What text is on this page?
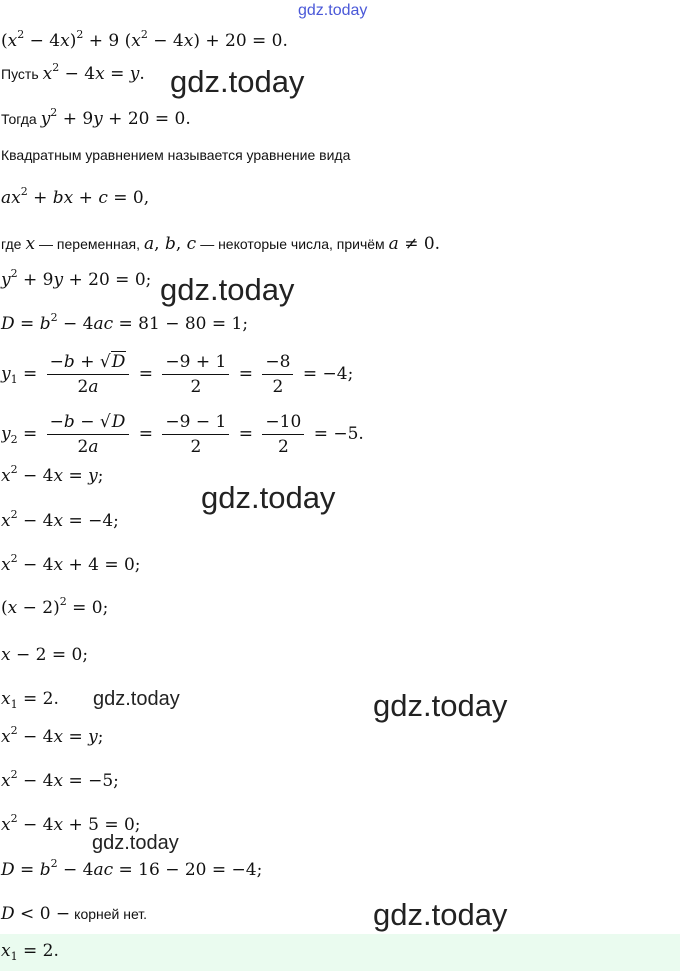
gdz.today
$(x^2 - 4x)^2 + 9$ $(x^2 - 4x) + 20 = 0$.
Пусть $x^2 - 4x = y$. gdz.today
Тогда $y^2 + 9y + 20 = 0$.
Квадратным уравнением называется уравнение вида
$ax^2$ + bx + c = 0,
где x — переменная, a, b, c — некоторые числа, причём a ≠ 0.
$y^2 + 9y + 20 = 0$; gdz.today
$D = b^2 - 4ac = 81 - 80 = 1$;
$y_1 = \frac{-b + √D}{2a} = \frac{-9 + 1}{2} = \frac{-8}{2} = -4$;
$y_2 = \frac{-b - √D}{2a} = \frac{-9 - 1}{2} = \frac{-10}{2} = -5$.
$x^2 - 4x = y$;
gdz.today
$x^2 - 4x = -4$;
$x^2 - 4x + 4 = 0$;
$(x - 2)^2 = 0$;
x − 2 = 0;
$x_1 = 2$. gdz.today	gdz.today
$x^2 - 4x = y$;
$x^2 - 4x = -5$;
$x^2 - 4x + 5 = 0$;
gdz.today
$D = b^2 - 4ac = 16 - 20 = -4$;
D < 0 − корней нет.	gdz.today
$x_1 = 2$.
